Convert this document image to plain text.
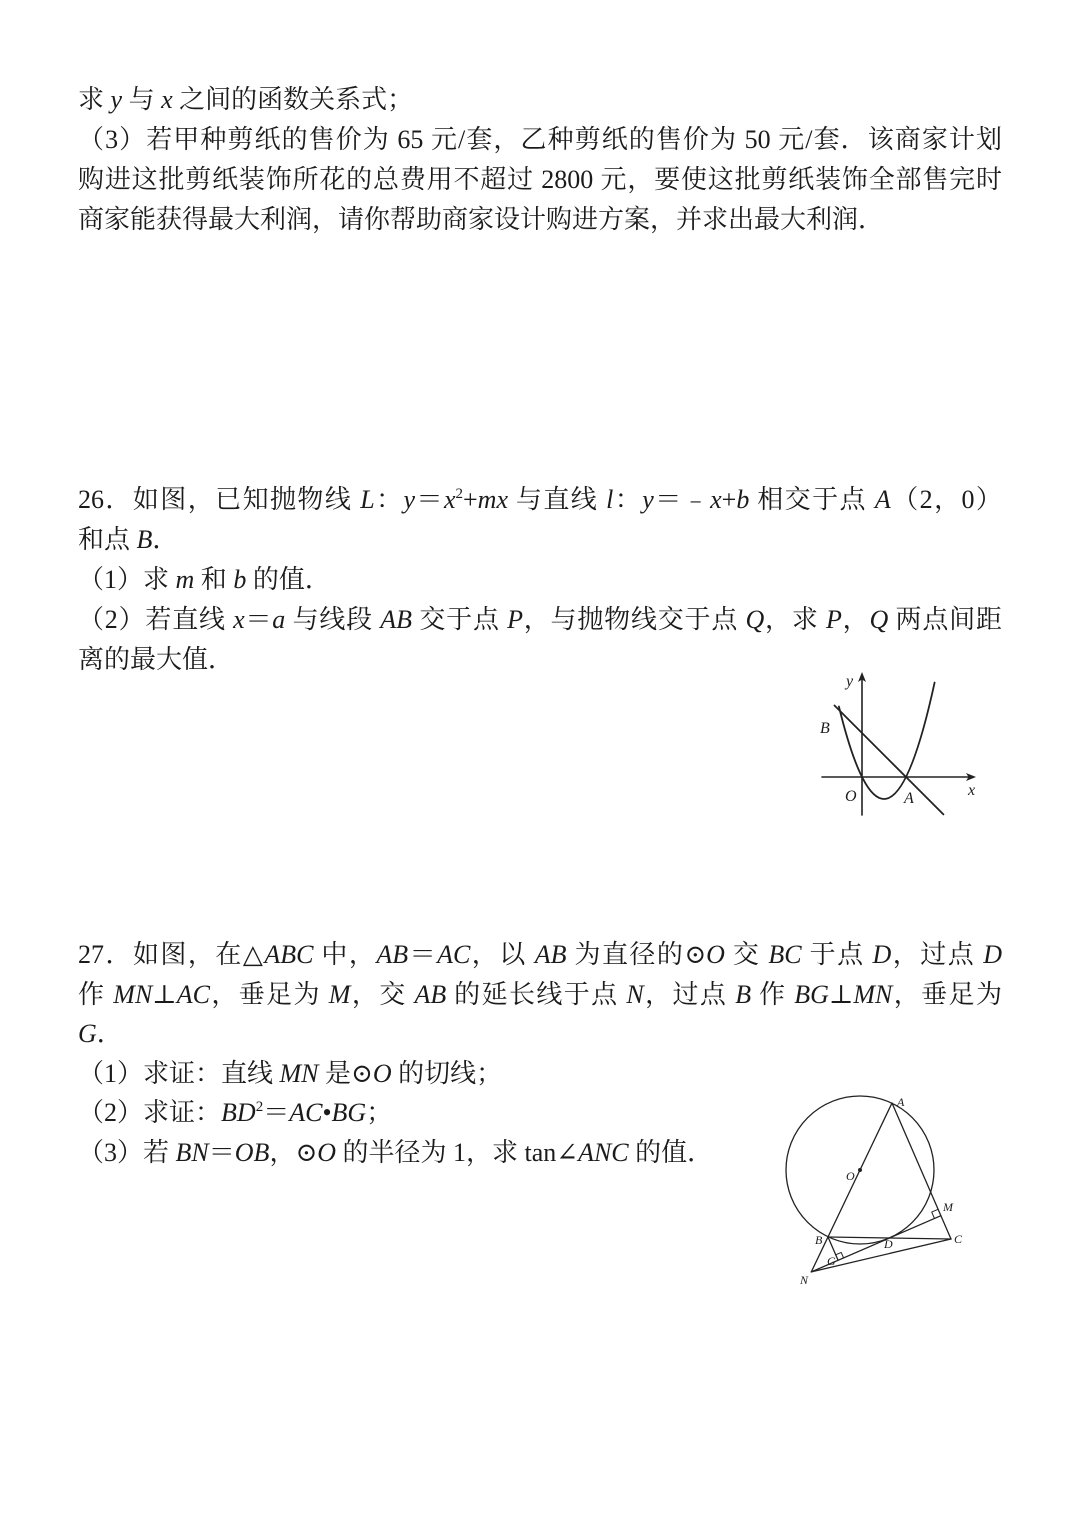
求 y 与 x 之间的函数关系式；
（3）若甲种剪纸的售价为 65 元/套，乙种剪纸的售价为 50 元/套．该商家计划
购进这批剪纸装饰所花的总费用不超过 2800 元，要使这批剪纸装饰全部售完时
商家能获得最大利润，请你帮助商家设计购进方案，并求出最大利润．
26．如图，已知抛物线 L：$y=x^2+mx$ 与直线 l：y＝﹣x+b 相交于点 A（2，0）
和点 B．
（1）求 m 和 b 的值．
（2）若直线 x＝a 与线段 AB 交于点 P，与抛物线交于点 Q，求 P，Q 两点间距
离的最大值．
y
x
O	A
B
27．如图，在△ABC 中，AB＝AC，以 AB 为直径的⊙O 交 BC 于点 D，过点 D
作 MN⊥AC，垂足为 M，交 AB 的延长线于点 N，过点 B 作 BG⊥MN，垂足为
G．
（1）求证：直线 MN 是⊙O 的切线；
（2）求证：$BD^2=AC•BG$；
（3）若 BN＝OB，⊙O 的半径为 1，求 tan∠ANC 的值．
A
O
M
B	D	C
G
N
